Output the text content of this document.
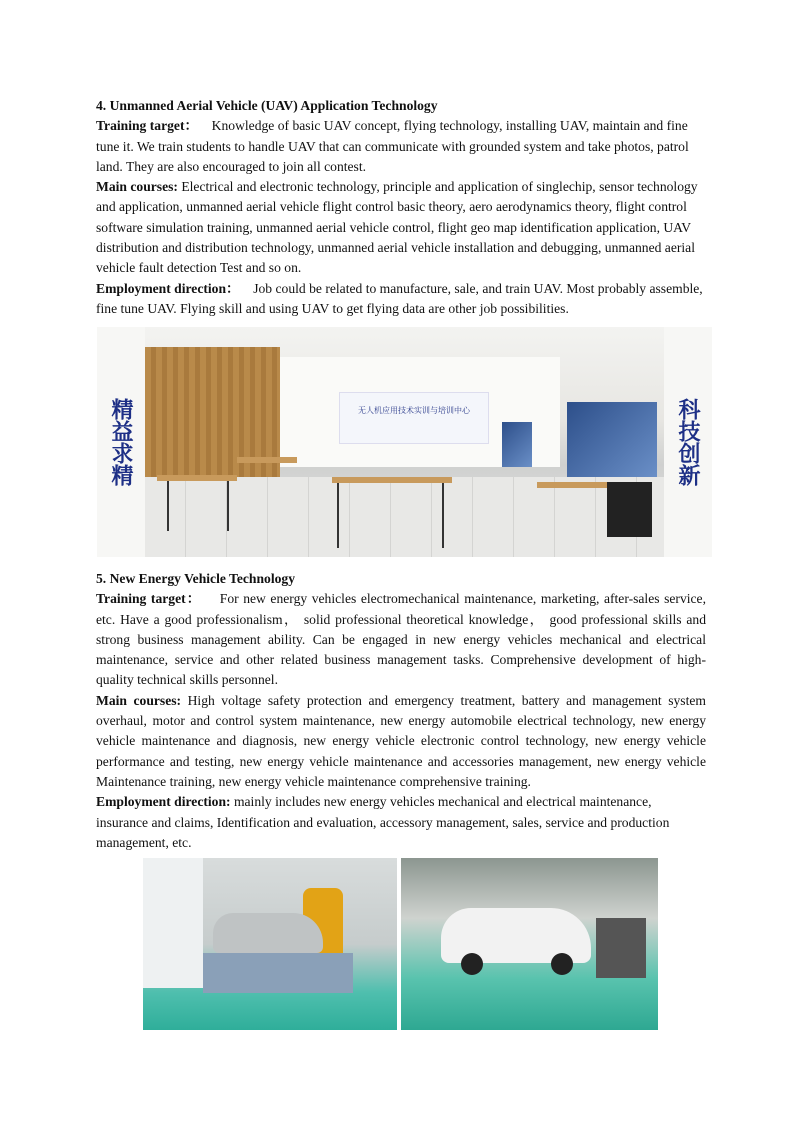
4. Unmanned Aerial Vehicle (UAV) Application Technology

Training target： Knowledge of basic UAV concept, flying technology, installing UAV, maintain and fine tune it. We train students to handle UAV that can communicate with grounded system and take photos, patrol land. They are also encouraged to join all contest.

Main courses: Electrical and electronic technology, principle and application of singlechip, sensor technology and application, unmanned aerial vehicle flight control basic theory, aero aerodynamics theory, flight control software simulation training, unmanned aerial vehicle control, flight geo map identification application, UAV distribution and distribution technology, unmanned aerial vehicle installation and debugging, unmanned aerial vehicle fault detection Test and so on.

Employment direction： Job could be related to manufacture, sale, and train UAV. Most probably assemble, fine tune UAV. Flying skill and using UAV to get flying data are other job possibilities.

无人机应用技术实训与培训中心
精益求精	科技创新
5. New Energy Vehicle Technology

Training target： For new energy vehicles electromechanical maintenance, marketing, after-sales service, etc. Have a good professionalism， solid professional theoretical knowledge， good professional skills and strong business management ability. Can be engaged in new energy vehicles mechanical and electrical maintenance, service and other related business management tasks. Comprehensive development of high-quality technical skills personnel.

Main courses: High voltage safety protection and emergency treatment, battery and management system overhaul, motor and control system maintenance, new energy automobile electrical technology, new energy vehicle maintenance and diagnosis, new energy vehicle electronic control technology, new energy vehicle performance and testing, new energy vehicle maintenance and accessories management, new energy vehicle Maintenance training, new energy vehicle maintenance comprehensive training.

Employment direction: mainly includes new energy vehicles mechanical and electrical maintenance, insurance and claims, Identification and evaluation, accessory management, sales, service and production management, etc.
